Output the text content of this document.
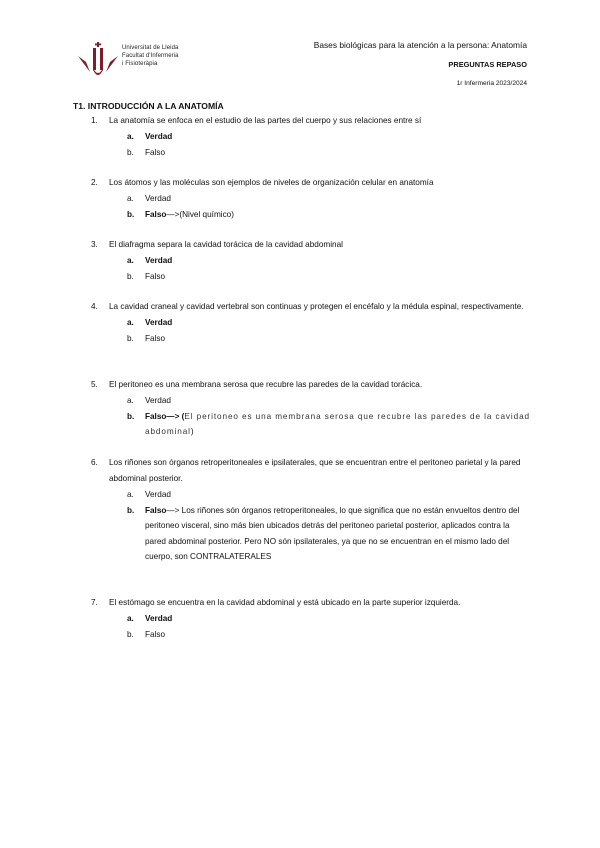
Universitat de Lleida
Facultat d'Infermeria
i Fisioteràpia
Bases biológicas para la atención a la persona: Anatomía
PREGUNTAS REPASO
1r Infermeria 2023/2024
T1. INTRODUCCIÓN A LA ANATOMÍA
1. La anatomía se enfoca en el estudio de las partes del cuerpo y sus relaciones entre sí
a.	Verdad
b.	Falso
2. Los átomos y las moléculas son ejemplos de niveles de organización celular en anatomía
a.	Verdad
b.	Falso—>(Nivel químico)
3. El diafragma separa la cavidad torácica de la cavidad abdominal
a.	Verdad
b.	Falso
4. La cavidad craneal y cavidad vertebral son continuas y protegen el encéfalo y la médula espinal, respectivamente.
a.	Verdad
b.	Falso
5. El peritoneo es una membrana serosa que recubre las paredes de la cavidad torácica.
a.	Verdad
b.	Falso—> (El peritoneo es una membrana serosa que recubre las paredes de la cavidad abdominal)
6. Los riñones son órganos retroperitoneales e ipsilaterales, que se encuentran entre el peritoneo parietal y la pared abdominal posterior.
a.	Verdad
b.	Falso—> Los riñones són órganos retroperitoneales, lo que significa que no están envueltos dentro del peritoneo visceral, sino más bien ubicados detrás del peritoneo parietal posterior, aplicados contra la pared abdominal posterior. Pero NO són ipsilaterales, ya que no se encuentran en el mismo lado del cuerpo, son CONTRALATERALES
7. El estómago se encuentra en la cavidad abdominal y está ubicado en la parte superior izquierda.
a.	Verdad
b.	Falso
